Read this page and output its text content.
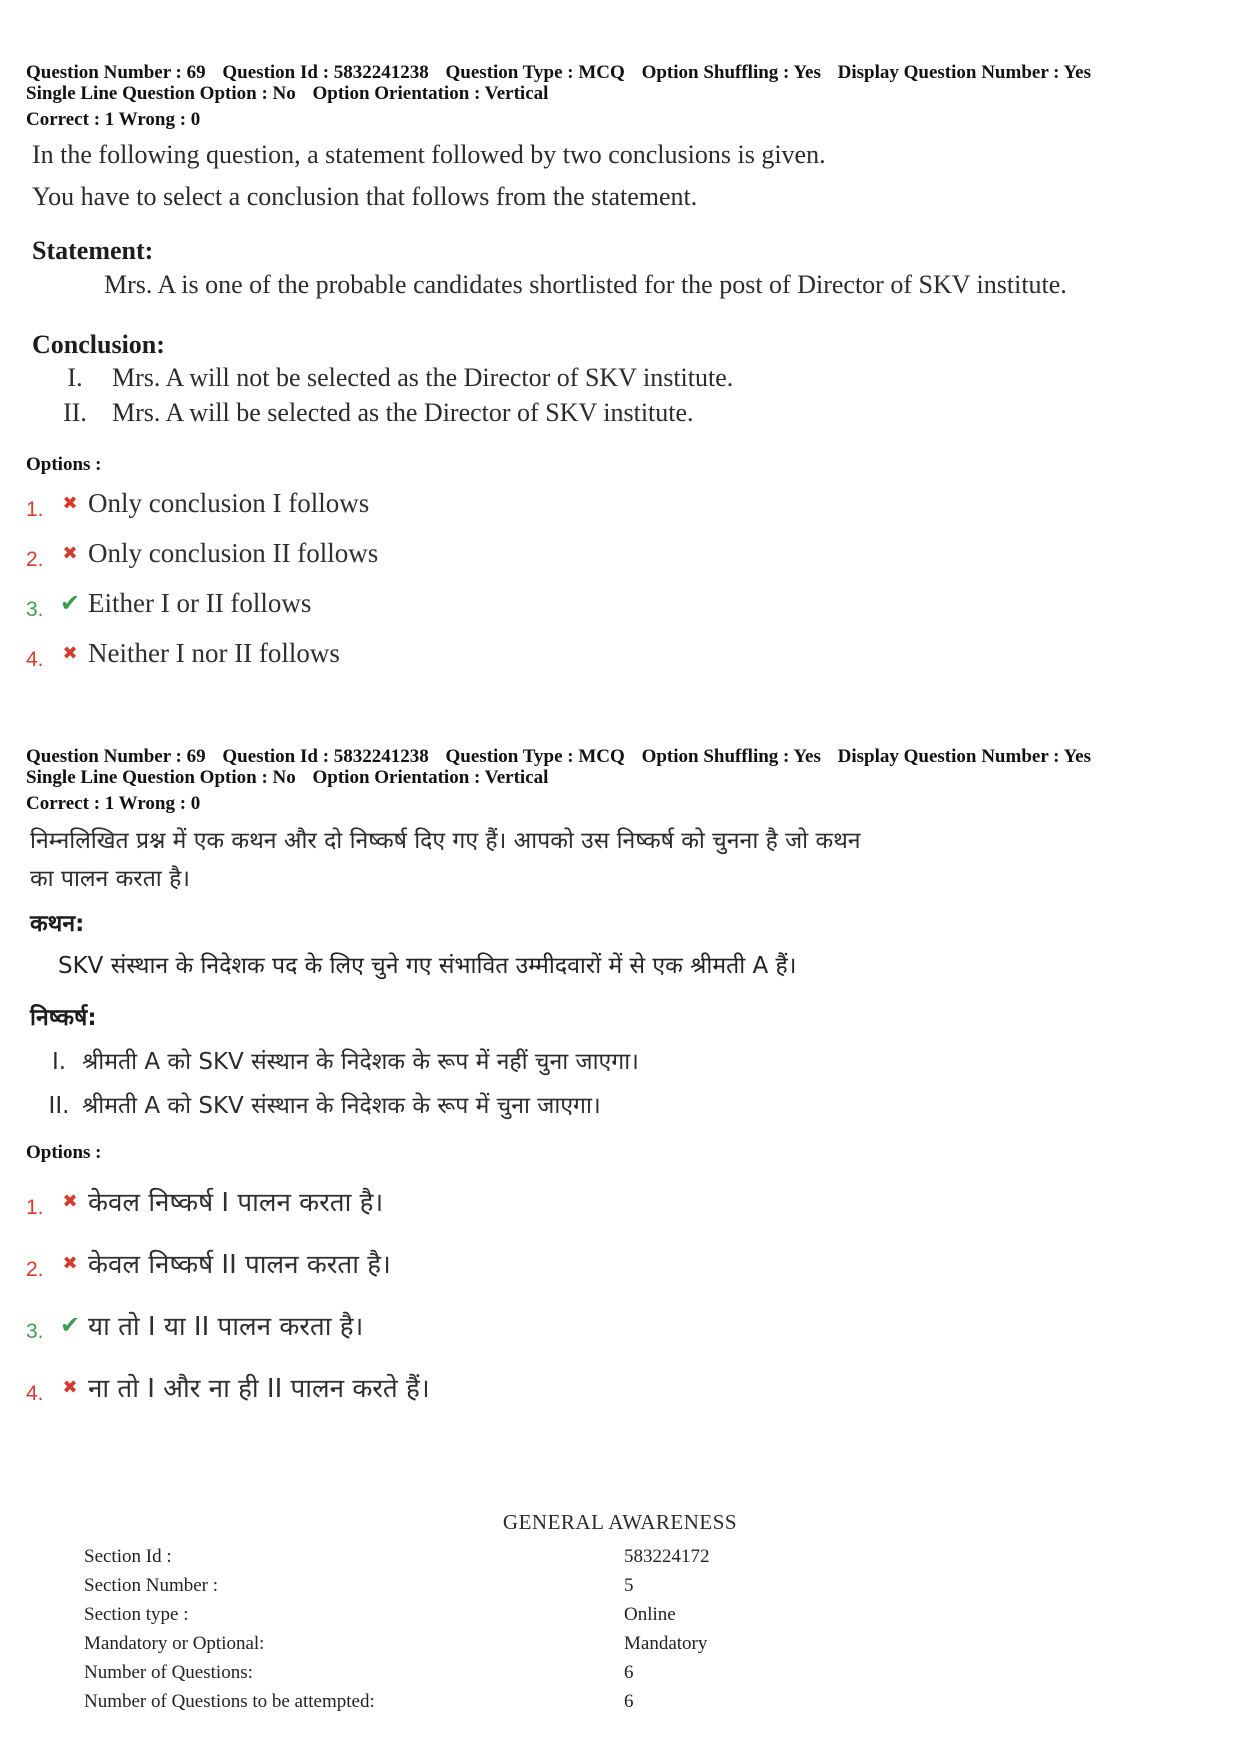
Question Number : 69 Question Id : 5832241238 Question Type : MCQ Option Shuffling : Yes Display Question Number : Yes
Single Line Question Option : No Option Orientation : Vertical
Correct : 1 Wrong : 0
In the following question, a statement followed by two conclusions is given.
You have to select a conclusion that follows from the statement.
Statement:
Mrs. A is one of the probable candidates shortlisted for the post of Director of SKV institute.
Conclusion:
I.	Mrs. A will not be selected as the Director of SKV institute.
II. Mrs. A will be selected as the Director of SKV institute.
Options :
1.	✖ Only conclusion I follows
2.	✖ Only conclusion II follows
3. ✔ Either I or II follows
4.	✖ Neither I nor II follows
Question Number : 69 Question Id : 5832241238 Question Type : MCQ Option Shuffling : Yes Display Question Number : Yes
Single Line Question Option : No Option Orientation : Vertical
Correct : 1 Wrong : 0
निम्नलिखित प्रश्न में एक कथन और दो निष्कर्ष दिए गए हैं। आपको उस निष्कर्ष को चुनना है जो कथन
का पालन करता है।
कथन:
SKV संस्थान के निदेशक पद के लिए चुने गए संभावित उम्मीदवारों में से एक श्रीमती A हैं।
निष्कर्ष:
I. श्रीमती A को SKV संस्थान के निदेशक के रूप में नहीं चुना जाएगा।
II. श्रीमती A को SKV संस्थान के निदेशक के रूप में चुना जाएगा।
Options :
1.	✖ केवल निष्कर्ष I पालन करता है।
2.	✖ केवल निष्कर्ष II पालन करता है।
3. ✔ या तो I या II पालन करता है।
4.	✖ ना तो I और ना ही II पालन करते हैं।
GENERAL AWARENESS
Section Id :	583224172
Section Number :	5
Section type :	Online
Mandatory or Optional:	Mandatory
Number of Questions:	6
Number of Questions to be attempted:	6
